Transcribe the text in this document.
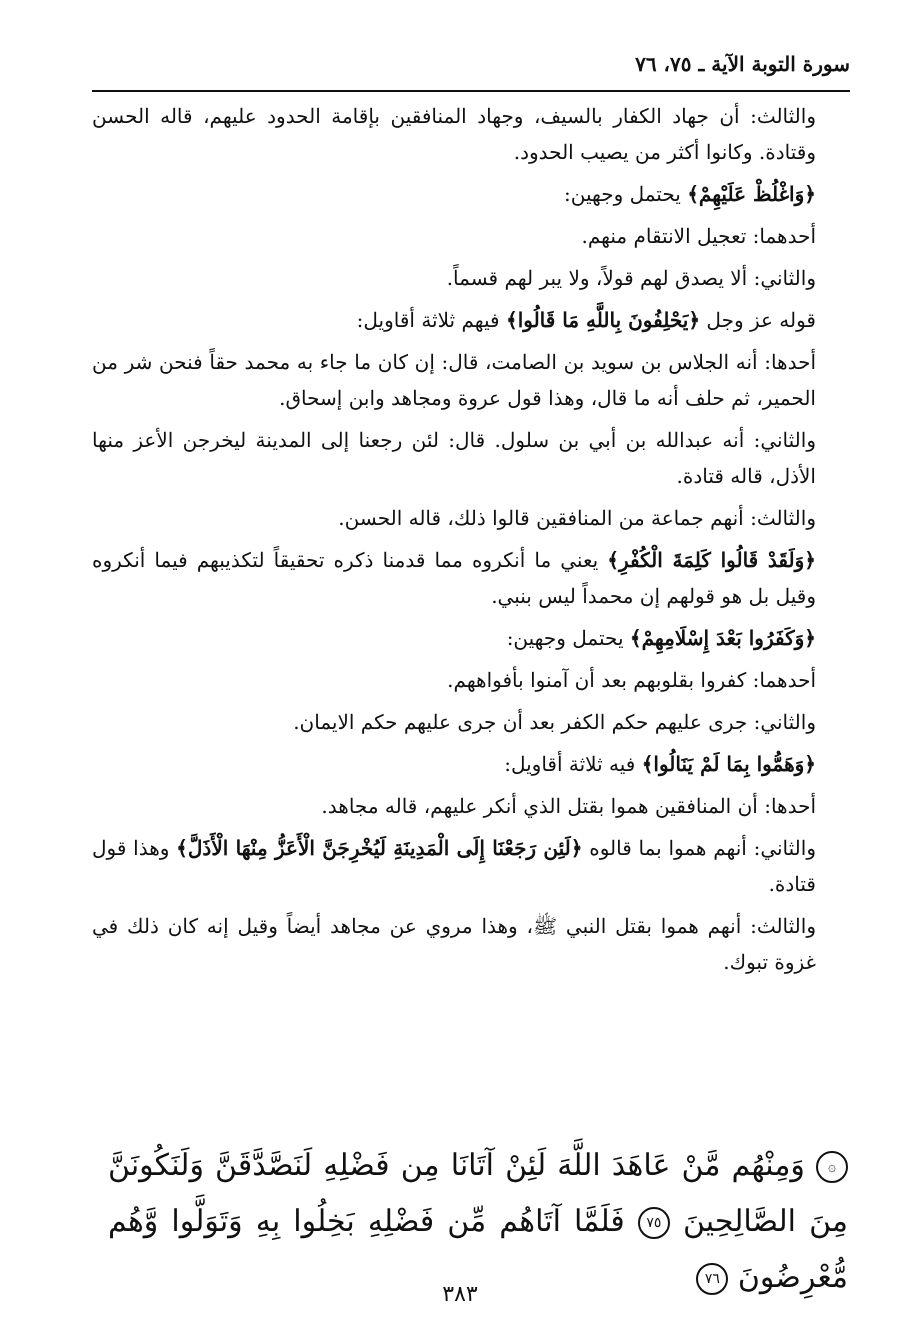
سورة التوبة الآية ـ ٧٥، ٧٦

والثالث: أن جهاد الكفار بالسيف، وجهاد المنافقين بإقامة الحدود عليهم، قاله الحسن وقتادة. وكانوا أكثر من يصيب الحدود.

﴿وَاغْلُظْ عَلَيْهِمْ﴾ يحتمل وجهين:

أحدهما: تعجيل الانتقام منهم.

والثاني: ألا يصدق لهم قولاً، ولا يبر لهم قسماً.

قوله عز وجل ﴿يَحْلِفُونَ بِاللَّهِ مَا قَالُوا﴾ فيهم ثلاثة أقاويل:

أحدها: أنه الجلاس بن سويد بن الصامت، قال: إن كان ما جاء به محمد حقاً فنحن شر من الحمير، ثم حلف أنه ما قال، وهذا قول عروة ومجاهد وابن إسحاق.

والثاني: أنه عبدالله بن أبي بن سلول. قال: لئن رجعنا إلى المدينة ليخرجن الأعز منها الأذل، قاله قتادة.

والثالث: أنهم جماعة من المنافقين قالوا ذلك، قاله الحسن.

﴿وَلَقَدْ قَالُوا كَلِمَةَ الْكُفْرِ﴾ يعني ما أنكروه مما قدمنا ذكره تحقيقاً لتكذيبهم فيما أنكروه وقيل بل هو قولهم إن محمداً ليس بنبي.

﴿وَكَفَرُوا بَعْدَ إِسْلَامِهِمْ﴾ يحتمل وجهين:

أحدهما: كفروا بقلوبهم بعد أن آمنوا بأفواههم.

والثاني: جرى عليهم حكم الكفر بعد أن جرى عليهم حكم الايمان.

﴿وَهَمُّوا بِمَا لَمْ يَنَالُوا﴾ فيه ثلاثة أقاويل:

أحدها: أن المنافقين هموا بقتل الذي أنكر عليهم، قاله مجاهد.

والثاني: أنهم هموا بما قالوه ﴿لَئِن رَجَعْنَا إِلَى الْمَدِينَةِ لَيُخْرِجَنَّ الْأَعَزُّ مِنْهَا الْأَذَلَّ﴾ وهذا قول قتادة.

والثالث: أنهم هموا بقتل النبي ﷺ، وهذا مروي عن مجاهد أيضاً وقيل إنه كان ذلك في غزوة تبوك.

۞ وَمِنْهُم مَّنْ عَاهَدَ اللَّهَ لَئِنْ آتَانَا مِن فَضْلِهِ لَنَصَّدَّقَنَّ وَلَنَكُونَنَّ مِنَ الصَّالِحِينَ ٧٥ فَلَمَّا آتَاهُم مِّن فَضْلِهِ بَخِلُوا بِهِ وَتَوَلَّوا وَّهُم مُّعْرِضُونَ ٧٦
٣٨٣
